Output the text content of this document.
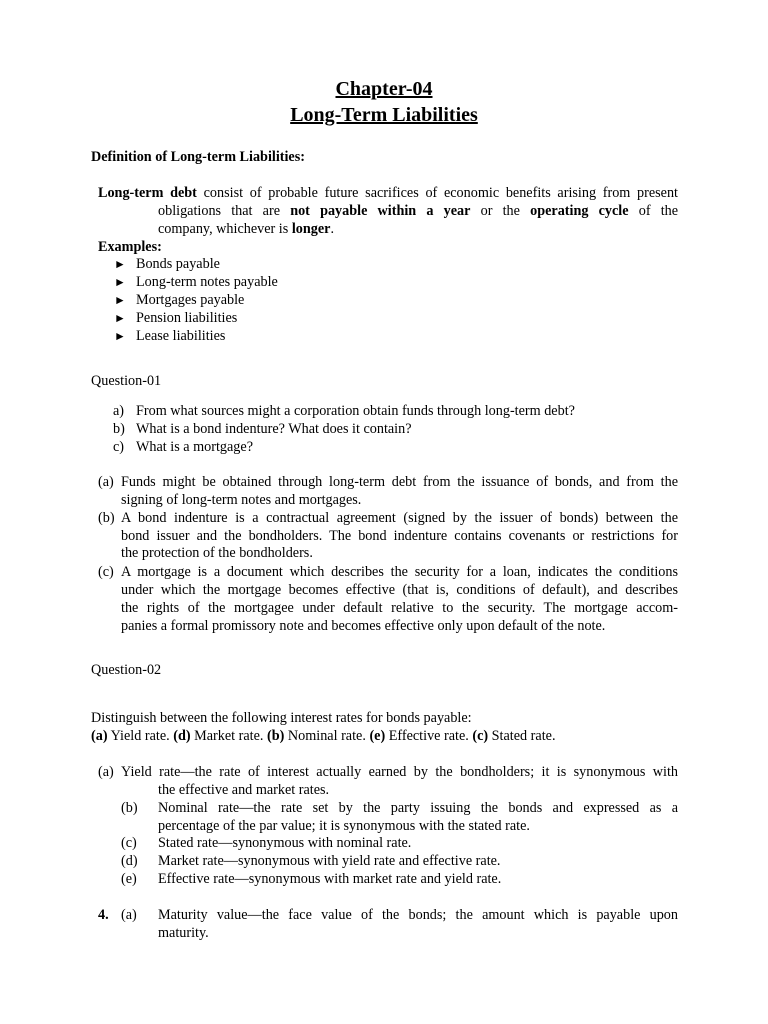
Chapter-04
Long-Term Liabilities
Definition of Long-term Liabilities:
Long-term debt consist of probable future sacrifices of economic benefits arising from present
obligations that are not payable within a year or the operating cycle of the
company, whichever is longer.
Examples:
► Bonds payable
► Long-term notes payable
► Mortgages payable
► Pension liabilities
► Lease liabilities
Question-01
a) From what sources might a corporation obtain funds through long-term debt?
b) What is a bond indenture? What does it contain?
c) What is a mortgage?
(a) Funds might be obtained through long-term debt from the issuance of bonds, and from the
signing of long-term notes and mortgages.
(b) A bond indenture is a contractual agreement (signed by the issuer of bonds) between the
bond issuer and the bondholders. The bond indenture contains covenants or restrictions for
the protection of the bondholders.
(c) A mortgage is a document which describes the security for a loan, indicates the conditions
under which the mortgage becomes effective (that is, conditions of default), and describes
the rights of the mortgagee under default relative to the security. The mortgage accom-
panies a formal promissory note and becomes effective only upon default of the note.
Question-02
Distinguish between the following interest rates for bonds payable:
(a) Yield rate. (d) Market rate. (b) Nominal rate. (e) Effective rate. (c) Stated rate.
(a) Yield rate—the rate of interest actually earned by the bondholders; it is synonymous with
the effective and market rates.
(b) Nominal rate—the rate set by the party issuing the bonds and expressed as a
percentage of the par value; it is synonymous with the stated rate.
(c) Stated rate—synonymous with nominal rate.
(d) Market rate—synonymous with yield rate and effective rate.
(e) Effective rate—synonymous with market rate and yield rate.
4. (a) Maturity value—the face value of the bonds; the amount which is payable upon
maturity.
